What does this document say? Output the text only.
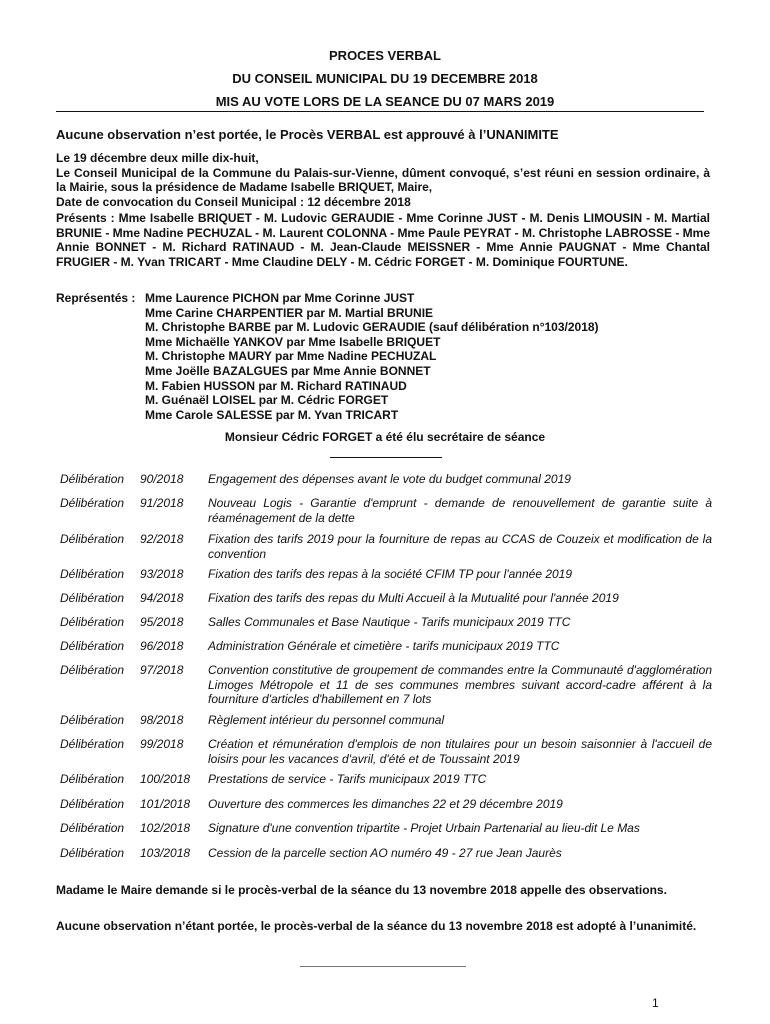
PROCES VERBAL
DU CONSEIL MUNICIPAL DU 19 DECEMBRE 2018
MIS AU VOTE LORS DE LA SEANCE DU 07 MARS 2019
Aucune observation n’est portée, le Procès VERBAL est approuvé à l’UNANIMITE
Le 19 décembre deux mille dix-huit,
Le Conseil Municipal de la Commune du Palais-sur-Vienne, dûment convoqué, s’est réuni en session ordinaire, à la Mairie, sous la présidence de Madame Isabelle BRIQUET, Maire,
Date de convocation du Conseil Municipal : 12 décembre 2018
Présents : Mme Isabelle BRIQUET - M. Ludovic GERAUDIE - Mme Corinne JUST - M. Denis LIMOUSIN - M. Martial BRUNIE - Mme Nadine PECHUZAL - M. Laurent COLONNA - Mme Paule PEYRAT - M. Christophe LABROSSE - Mme Annie BONNET - M. Richard RATINAUD - M. Jean-Claude MEISSNER - Mme Annie PAUGNAT - Mme Chantal FRUGIER - M. Yvan TRICART - Mme Claudine DELY - M. Cédric FORGET - M. Dominique FOURTUNE.
Représentés : Mme Laurence PICHON par Mme Corinne JUST
Mme Carine CHARPENTIER par M. Martial BRUNIE
M. Christophe BARBE par M. Ludovic GERAUDIE (sauf délibération n°103/2018)
Mme Michaëlle YANKOV par Mme Isabelle BRIQUET
M. Christophe MAURY par Mme Nadine PECHUZAL
Mme Joëlle BAZALGUES par Mme Annie BONNET
M. Fabien HUSSON par M. Richard RATINAUD
M. Guénaël LOISEL par M. Cédric FORGET
Mme Carole SALESSE par M. Yvan TRICART
Monsieur Cédric FORGET a été élu secrétaire de séance
Délibération 90/2018	Engagement des dépenses avant le vote du budget communal 2019
Délibération 91/2018	Nouveau Logis - Garantie d'emprunt - demande de renouvellement de garantie suite à réaménagement de la dette
Délibération 92/2018	Fixation des tarifs 2019 pour la fourniture de repas au CCAS de Couzeix et modification de la convention
Délibération 93/2018	Fixation des tarifs des repas à la société CFIM TP pour l'année 2019
Délibération 94/2018	Fixation des tarifs des repas du Multi Accueil à la Mutualité pour l'année 2019
Délibération 95/2018	Salles Communales et Base Nautique - Tarifs municipaux 2019 TTC
Délibération 96/2018	Administration Générale et cimetière - tarifs municipaux 2019 TTC
Délibération 97/2018	Convention constitutive de groupement de commandes entre la Communauté d'agglomération Limoges Métropole et 11 de ses communes membres suivant accord-cadre afférent à la fourniture d'articles d'habillement en 7 lots
Délibération 98/2018	Règlement intérieur du personnel communal
Délibération 99/2018	Création et rémunération d'emplois de non titulaires pour un besoin saisonnier à l'accueil de loisirs pour les vacances d'avril, d'été et de Toussaint 2019
Délibération 100/2018	Prestations de service - Tarifs municipaux 2019 TTC
Délibération 101/2018	Ouverture des commerces les dimanches 22 et 29 décembre 2019
Délibération 102/2018	Signature d'une convention tripartite - Projet Urbain Partenarial au lieu-dit Le Mas
Délibération 103/2018	Cession de la parcelle section AO numéro 49 - 27 rue Jean Jaurès
Madame le Maire demande si le procès-verbal de la séance du 13 novembre 2018 appelle des observations.
Aucune observation n’étant portée, le procès-verbal de la séance du 13 novembre 2018 est adopté à l’unanimité.
1
